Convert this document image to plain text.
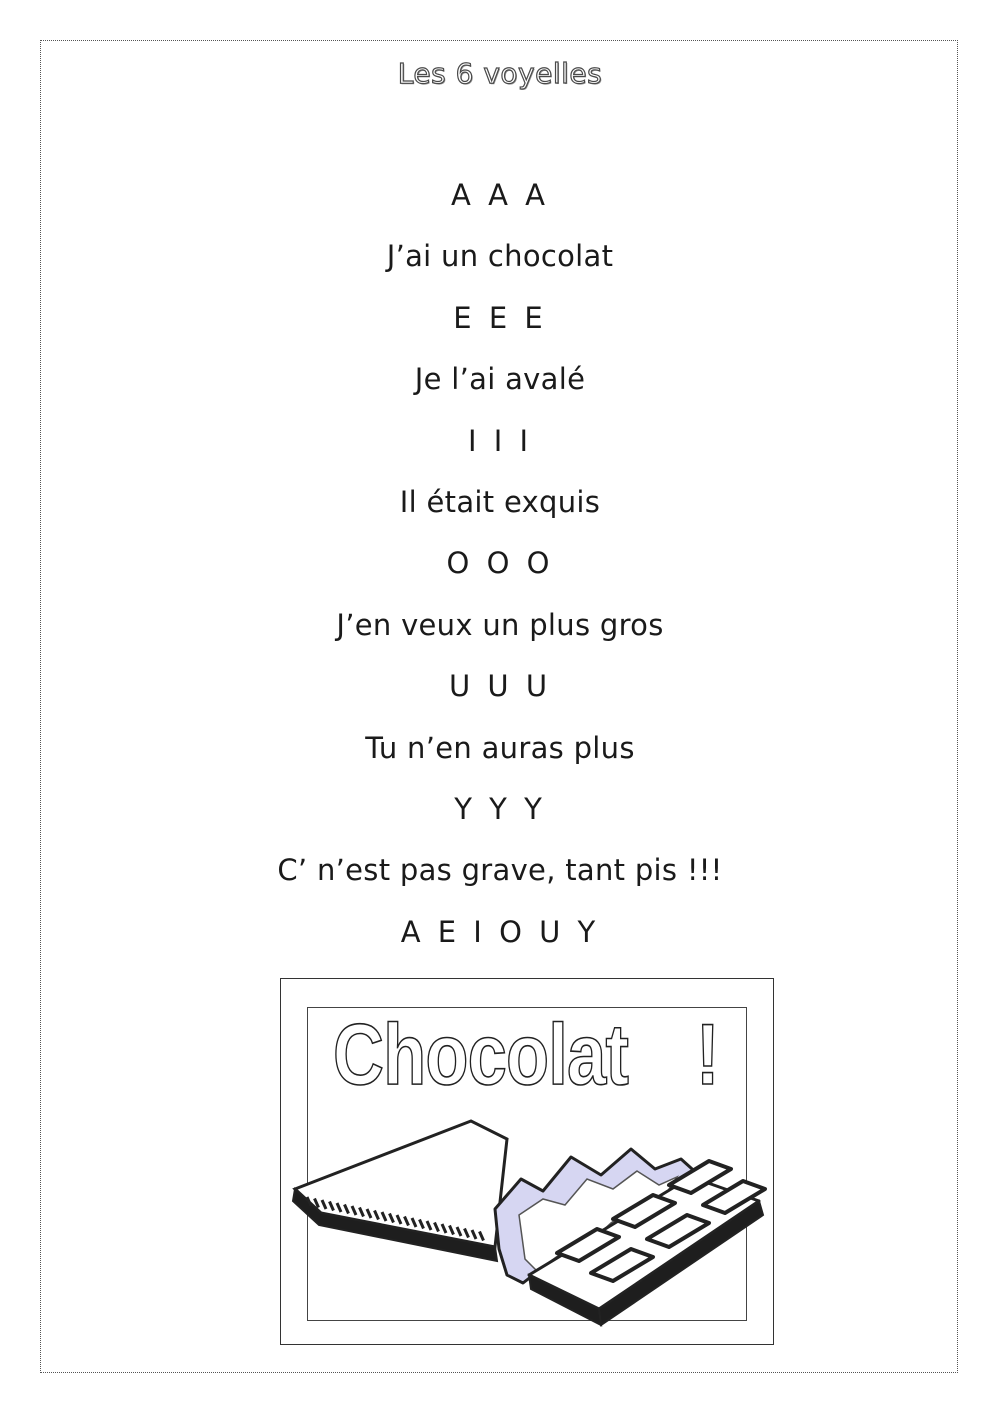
Les 6 voyelles
A A A
J’ai un chocolat
E E E
Je l’ai avalé
I I I
Il était exquis
O O O
J’en veux un plus gros
U U U
Tu n’en auras plus
Y Y Y
C’ n’est pas grave, tant pis !!!
A E I O U Y
Chocolat !
